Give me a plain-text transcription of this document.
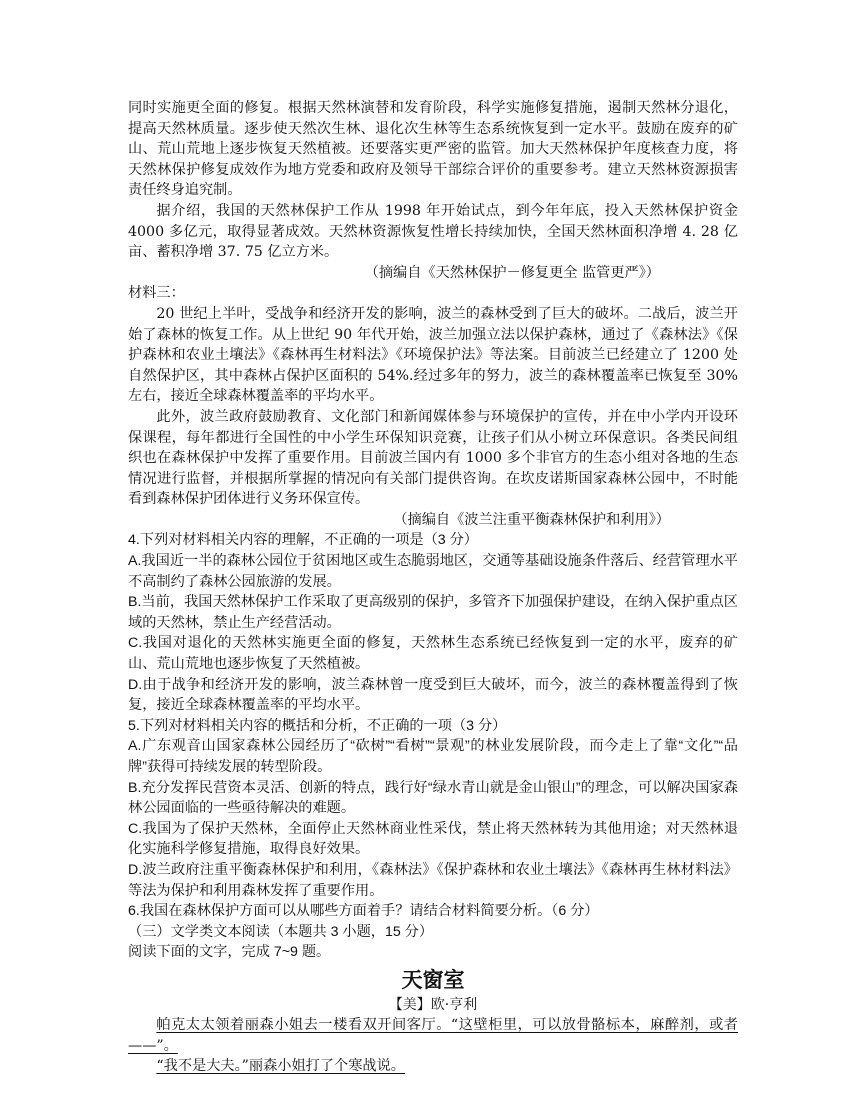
同时实施更全面的修复。根据天然林演替和发育阶段，科学实施修复措施，遏制天然林分退化，提高天然林质量。逐步使天然次生林、退化次生林等生态系统恢复到一定水平。鼓励在废弃的矿山、荒山荒地上逐步恢复天然植被。还要落实更严密的监管。加大天然林保护年度核查力度，将天然林保护修复成效作为地方党委和政府及领导干部综合评价的重要参考。建立天然林资源损害责任终身追究制。

据介绍，我国的天然林保护工作从 1998 年开始试点，到今年年底，投入天然林保护资金 4000 多亿元，取得显著成效。天然林资源恢复性增长持续加快，全国天然林面积净增 4. 28 亿亩、蓄积净增 37. 75 亿立方米。

（摘编自《天然林保护－修复更全 监管更严》）

材料三：

20 世纪上半叶，受战争和经济开发的影响，波兰的森林受到了巨大的破坏。二战后，波兰开始了森林的恢复工作。从上世纪 90 年代开始，波兰加强立法以保护森林，通过了《森林法》《保护森林和农业土壤法》《森林再生材料法》《环境保护法》等法案。目前波兰已经建立了 1200 处自然保护区，其中森林占保护区面积的 54%.经过多年的努力，波兰的森林覆盖率已恢复至 30%左右，接近全球森林覆盖率的平均水平。

此外，波兰政府鼓励教育、文化部门和新闻媒体参与环境保护的宣传，并在中小学内开设环保课程，每年都进行全国性的中小学生环保知识竞赛，让孩子们从小树立环保意识。各类民间组织也在森林保护中发挥了重要作用。目前波兰国内有 1000 多个非官方的生态小组对各地的生态情况进行监督，并根据所掌握的情况向有关部门提供咨询。在坎皮诺斯国家森林公园中，不时能看到森林保护团体进行义务环保宣传。

（摘编自《波兰注重平衡森林保护和利用》）

4.下列对材料相关内容的理解，不正确的一项是（3 分）

A.我国近一半的森林公园位于贫困地区或生态脆弱地区，交通等基础设施条件落后、经营管理水平不高制约了森林公园旅游的发展。

B.当前，我国天然林保护工作采取了更高级别的保护，多管齐下加强保护建设，在纳入保护重点区域的天然林，禁止生产经营活动。

C.我国对退化的天然林实施更全面的修复，天然林生态系统已经恢复到一定的水平，废弃的矿山、荒山荒地也逐步恢复了天然植被。

D.由于战争和经济开发的影响，波兰森林曾一度受到巨大破坏，而今，波兰的森林覆盖得到了恢复，接近全球森林覆盖率的平均水平。

5.下列对材料相关内容的概括和分析，不正确的一项（3 分）

A.广东观音山国家森林公园经历了“砍树”“看树”“景观”的林业发展阶段，而今走上了靠“文化”“品牌”获得可持续发展的转型阶段。

B.充分发挥民营资本灵活、创新的特点，践行好“绿水青山就是金山银山”的理念，可以解决国家森林公园面临的一些亟待解决的难题。

C.我国为了保护天然林，全面停止天然林商业性采伐，禁止将天然林转为其他用途；对天然林退化实施科学修复措施，取得良好效果。

D.波兰政府注重平衡森林保护和利用，《森林法》《保护森林和农业土壤法》《森林再生林材料法》等法为保护和利用森林发挥了重要作用。

6.我国在森林保护方面可以从哪些方面着手？请结合材料简要分析。（6 分）

（三）文学类文本阅读（本题共 3 小题，15 分）

阅读下面的文字，完成 7~9 题。

天窗室

【美】欧·亨利

帕克太太领着丽森小姐去一楼看双开间客厅。“这壁柜里，可以放骨骼标本，麻醉剂，或者——”。

“我不是大夫。”丽森小姐打了个寒战说。
